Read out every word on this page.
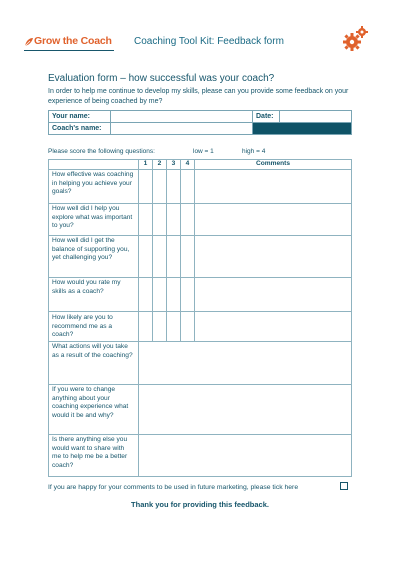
Grow the Coach Coaching Tool Kit: Feedback form
Evaluation form – how successful was your coach?
In order to help me continue to develop my skills, please can you provide some feedback on your experience of being coached by me?
Your name:		Date:	
Coach's name:			
Please score the following questions:	low = 1	high = 4
	1	2	3	4	Comments
How effective was coaching in helping you achieve your goals?					
How well did I help you explore what was important to you?					
How well did I get the balance of supporting you, yet challenging you?					
How would you rate my skills as a coach?					
How likely are you to recommend me as a coach?					
What actions will you take as a result of the coaching?					
If you were to change anything about your coaching experience what would it be and why?					
Is there anything else you would want to share with me to help me be a better coach?					
If you are happy for your comments to be used in future marketing, please tick here
Thank you for providing this feedback.
